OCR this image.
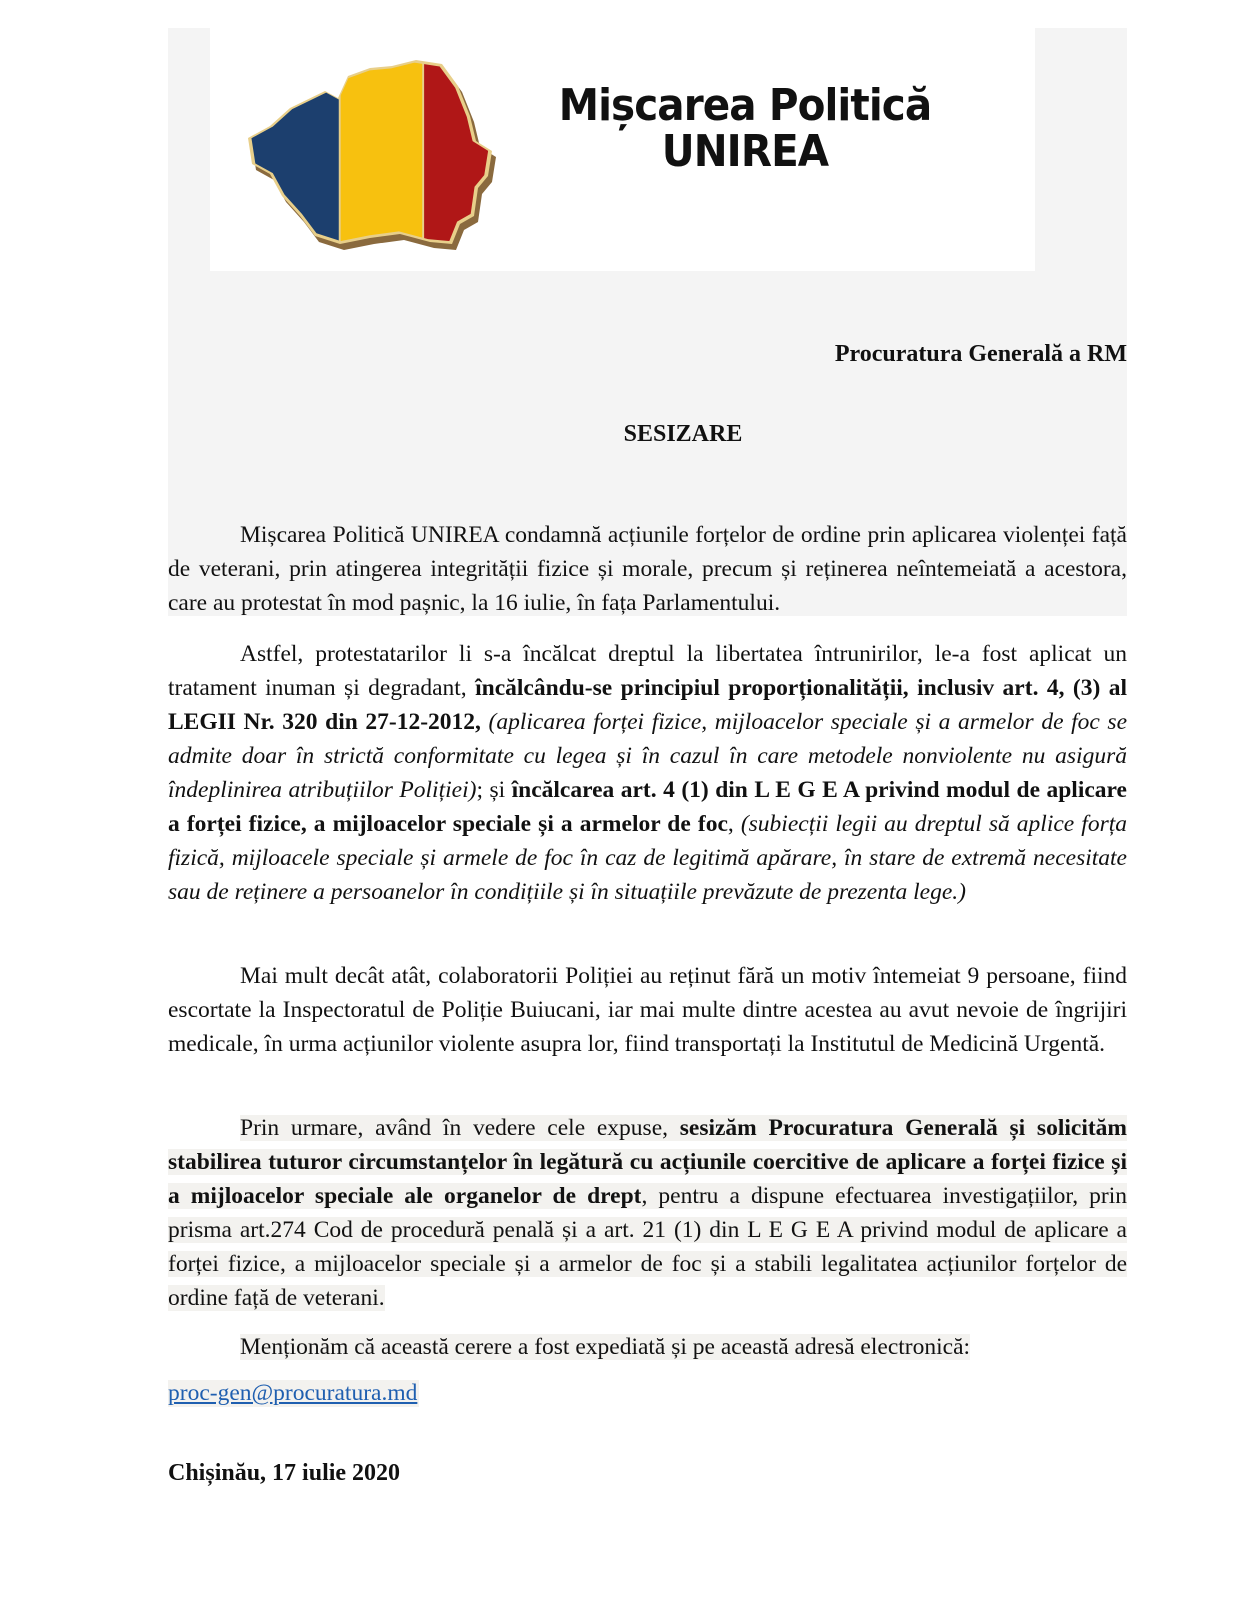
Mișcarea Politică
UNIREA
Procuratura Generală a RM
SESIZARE

Mișcarea Politică UNIREA condamnă acțiunile forțelor de ordine prin aplicarea violenței față de veterani, prin atingerea integrității fizice și morale, precum și reținerea neîntemeiată a acestora, care au protestat în mod pașnic, la 16 iulie, în fața Parlamentului.

Astfel, protestatarilor li s-a încălcat dreptul la libertatea întrunirilor, le-a fost aplicat un tratament inuman și degradant, încălcându-se principiul proporționalității, inclusiv art. 4, (3) al LEGII Nr. 320 din 27-12-2012, (aplicarea forței fizice, mijloacelor speciale și a armelor de foc se admite doar în strictă conformitate cu legea și în cazul în care metodele nonviolente nu asigură îndeplinirea atribuțiilor Poliției); și încălcarea art. 4 (1) din L E G E A privind modul de aplicare a forței fizice, a mijloacelor speciale și a armelor de foc, (subiecții legii au dreptul să aplice forța fizică, mijloacele speciale și armele de foc în caz de legitimă apărare, în stare de extremă necesitate sau de reținere a persoanelor în condițiile și în situațiile prevăzute de prezenta lege.)

Mai mult decât atât, colaboratorii Poliției au reținut fără un motiv întemeiat 9 persoane, fiind escortate la Inspectoratul de Poliție Buiucani, iar mai multe dintre acestea au avut nevoie de îngrijiri medicale, în urma acțiunilor violente asupra lor, fiind transportați la Institutul de Medicină Urgentă.

Prin urmare, având în vedere cele expuse, sesizăm Procuratura Generală și solicităm stabilirea tuturor circumstanțelor în legătură cu acțiunile coercitive de aplicare a forței fizice și a mijloacelor speciale ale organelor de drept, pentru a dispune efectuarea investigațiilor, prin prisma art.274 Cod de procedură penală și a art. 21 (1) din L E G E A privind modul de aplicare a forței fizice, a mijloacelor speciale și a armelor de foc și a stabili legalitatea acțiunilor forțelor de ordine față de veterani.

Menționăm că această cerere a fost expediată și pe această adresă electronică:

proc-gen@procuratura.md
Chișinău, 17 iulie 2020
